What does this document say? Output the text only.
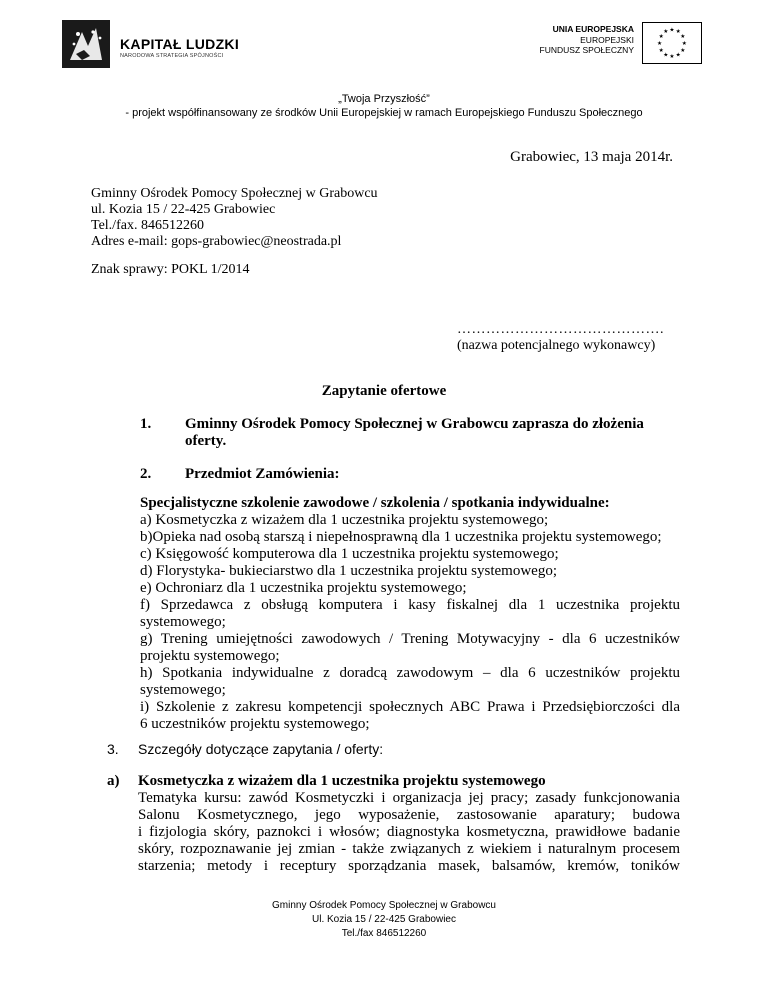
KAPITAŁ LUDZKI
NARODOWA STRATEGIA SPÓJNOŚCI
UNIA EUROPEJSKA
EUROPEJSKI
FUNDUSZ SPOŁECZNY
★ ★
★
★
★
★
★
★
★
★
★
★
„Twoja Przyszłość”
- projekt współfinansowany ze środków Unii Europejskiej w ramach Europejskiego Funduszu Społecznego
Grabowiec, 13 maja 2014r.
Gminny Ośrodek Pomocy Społecznej w Grabowcu
ul. Kozia 15 / 22-425 Grabowiec
Tel./fax. 846512260
Adres e-mail: gops-grabowiec@neostrada.pl
Znak sprawy: POKL 1/2014
…………………………………….
(nazwa potencjalnego wykonawcy)
Zapytanie ofertowe
1. Gminny Ośrodek Pomocy Społecznej w Grabowcu zaprasza do złożenia
oferty.
2. Przedmiot Zamówienia:
Specjalistyczne szkolenie zawodowe / szkolenia / spotkania indywidualne:
a) Kosmetyczka z wizażem dla 1 uczestnika projektu systemowego;
b)Opieka nad osobą starszą i niepełnosprawną dla 1 uczestnika projektu systemowego;
c) Księgowość komputerowa dla 1 uczestnika projektu systemowego;
d) Florystyka- bukieciarstwo dla 1 uczestnika projektu systemowego;
e) Ochroniarz dla 1 uczestnika projektu systemowego;
f) Sprzedawca z obsługą komputera i kasy fiskalnej dla 1 uczestnika projektu
systemowego;
g) Trening umiejętności zawodowych / Trening Motywacyjny - dla 6 uczestników
projektu systemowego;
h) Spotkania indywidualne z doradcą zawodowym – dla 6 uczestników projektu
systemowego;
i) Szkolenie z zakresu kompetencji społecznych ABC Prawa i Przedsiębiorczości dla
6 uczestników projektu systemowego;
3. Szczegóły dotyczące zapytania / oferty:
a) Kosmetyczka z wizażem dla 1 uczestnika projektu systemowego
Tematyka kursu: zawód Kosmetyczki i organizacja jej pracy; zasady funkcjonowania
Salonu Kosmetycznego, jego wyposażenie, zastosowanie aparatury; budowa
i fizjologia skóry, paznokci i włosów; diagnostyka kosmetyczna, prawidłowe badanie
skóry, rozpoznawanie jej zmian - także związanych z wiekiem i naturalnym procesem
starzenia; metody i receptury sporządzania masek, balsamów, kremów, toników
Gminny Ośrodek Pomocy Społecznej w Grabowcu
Ul. Kozia 15 / 22-425 Grabowiec
Tel./fax 846512260
